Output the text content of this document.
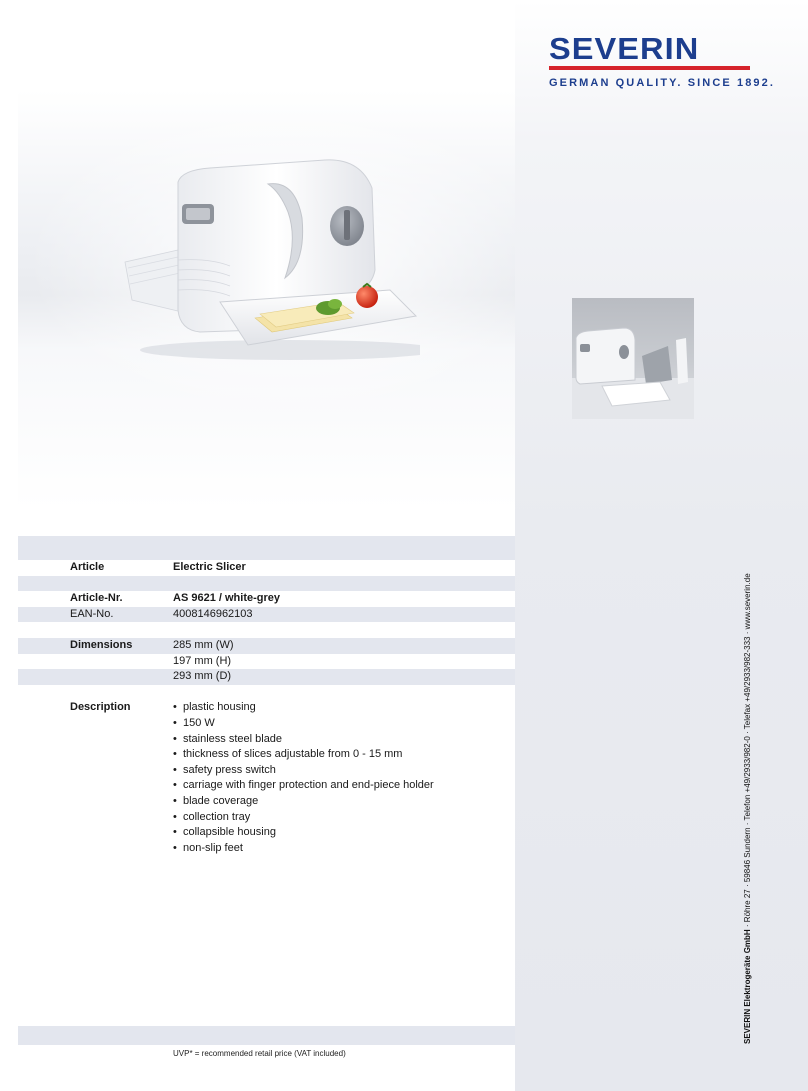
SEVERIN
GERMAN QUALITY. SINCE 1892.
Article	Electric Slicer
Article-Nr.	AS 9621 / white-grey
EAN-No.	4008146962103
Dimensions	285 mm (W)
197 mm (H)
293 mm (D)
Description	• plastic housing
• 150 W
• stainless steel blade
• thickness of slices adjustable from 0 - 15 mm
• safety press switch
• carriage with finger protection and end-piece holder
• blade coverage
• collection tray
• collapsible housing
• non-slip feet
UVP* = recommended retail price (VAT included)
SEVERIN Elektrogeräte GmbH · Röhre 27 · 59846 Sundern · Telefon +49/2933/982-0 · Telefax +49/2933/982-333 · www.severin.de
